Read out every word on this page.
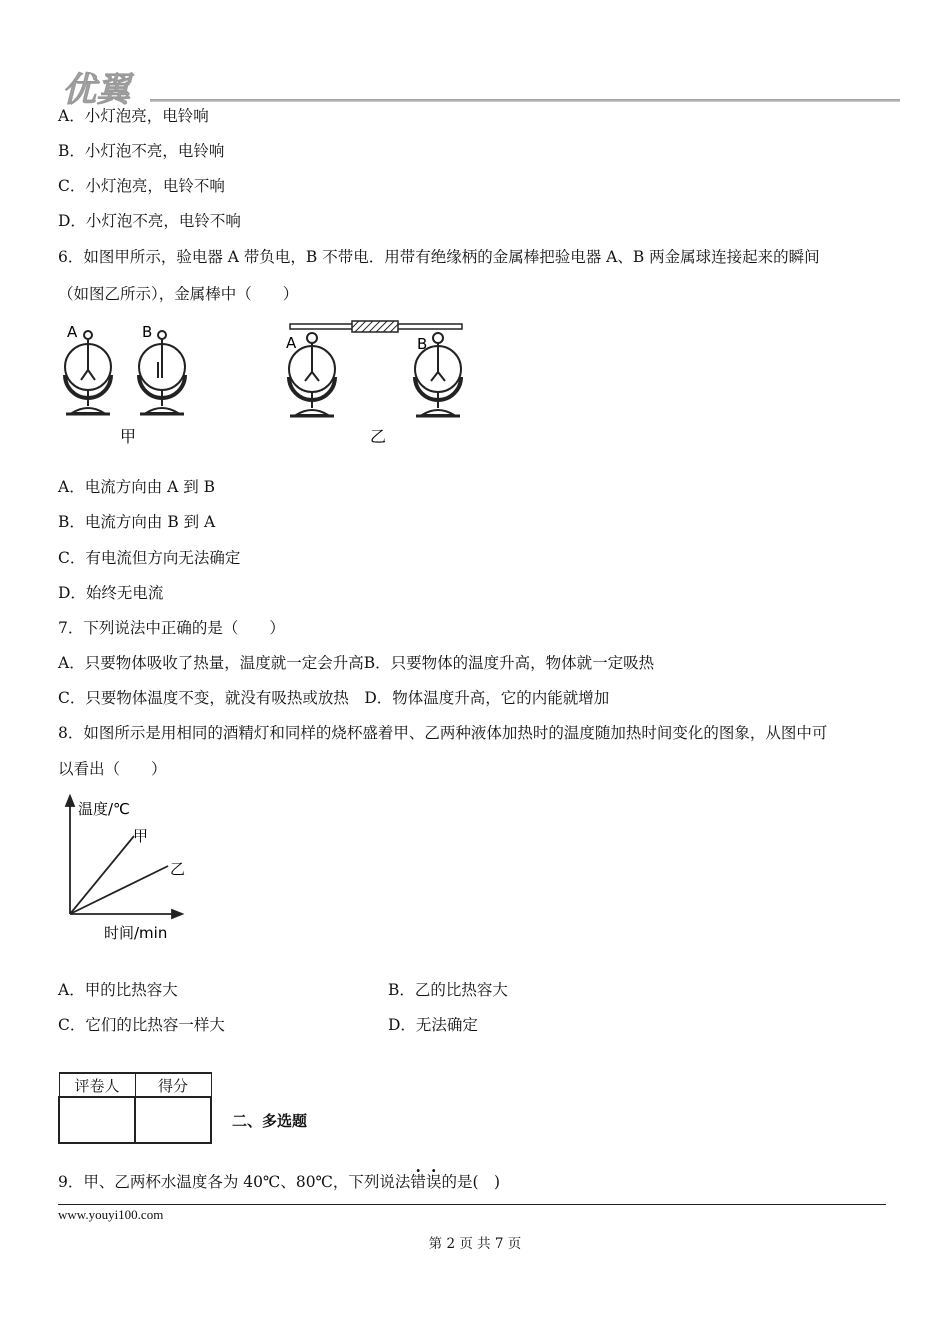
优翼
A．小灯泡亮，电铃响
B．小灯泡不亮，电铃响
C．小灯泡亮，电铃不响
D．小灯泡不亮，电铃不响
6．如图甲所示，验电器 A 带负电，B 不带电．用带有绝缘柄的金属棒把验电器 A、B 两金属球连接起来的瞬间
（如图乙所示），金属棒中（　　）
A	B
甲
A	B
乙
A．电流方向由 A 到 B
B．电流方向由 B 到 A
C．有电流但方向无法确定
D．始终无电流
7．下列说法中正确的是（　　）
A．只要物体吸收了热量，温度就一定会升高B．只要物体的温度升高，物体就一定吸热
C．只要物体温度不变，就没有吸热或放热　D．物体温度升高，它的内能就增加
8．如图所示是用相同的酒精灯和同样的烧杯盛着甲、乙两种液体加热时的温度随加热时间变化的图象，从图中可
以看出（　　）
温度/℃
甲
乙
时间/min
A．甲的比热容大	B．乙的比热容大
C．它们的比热容一样大	D．无法确定
评卷人	得分

二、多选题
9．甲、乙两杯水温度各为 40℃、80℃，下列说法错误的是(　)
www.youyi100.com
第 2 页 共 7 页
